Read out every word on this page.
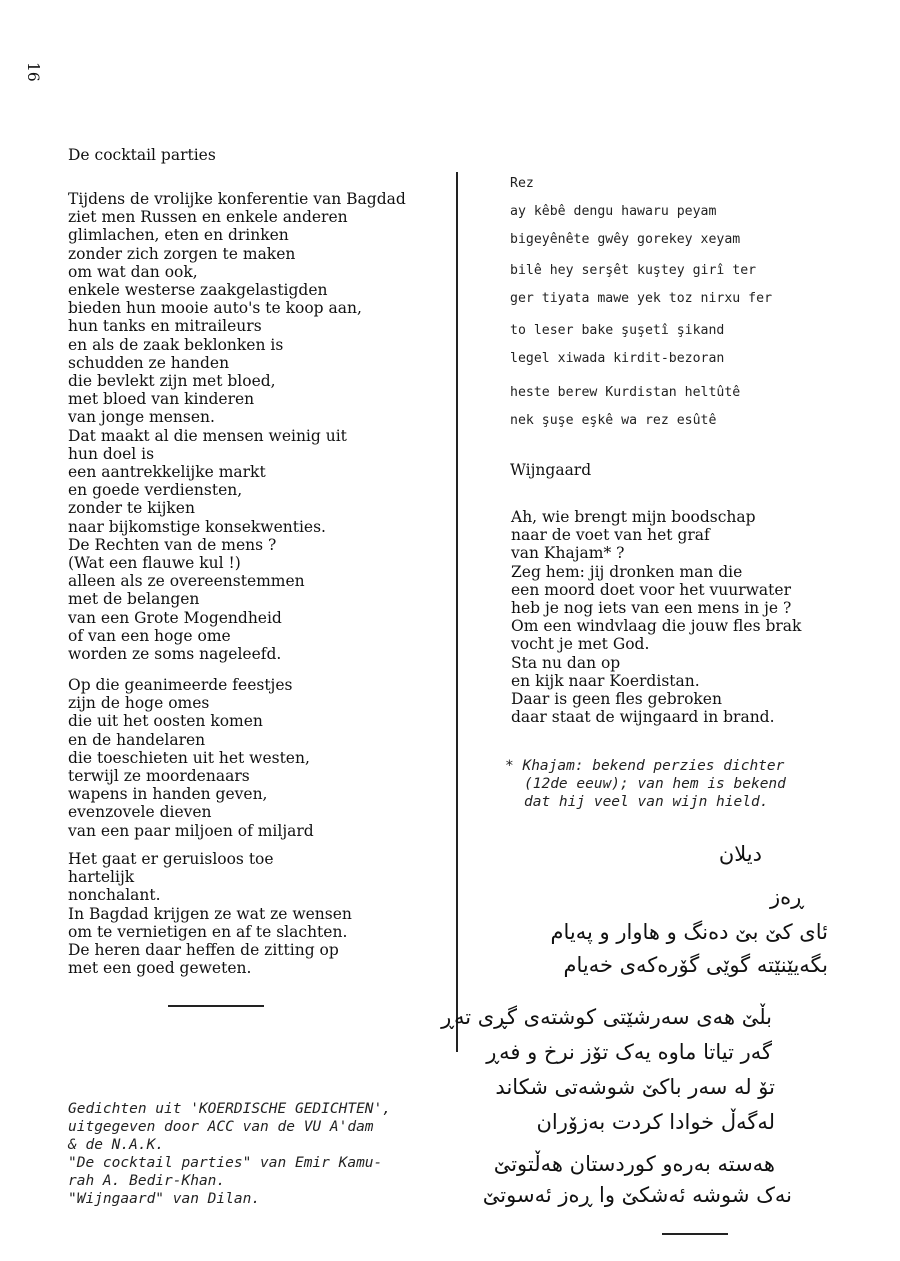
16
De cocktail parties
Tijdens de vrolijke konferentie van Bagdad
ziet men Russen en enkele anderen
glimlachen, eten en drinken
zonder zich zorgen te maken
om wat dan ook,
enkele westerse zaakgelastigden
bieden hun mooie auto's te koop aan,
hun tanks en mitraileurs
en als de zaak beklonken is
schudden ze handen
die bevlekt zijn met bloed,
met bloed van kinderen
van jonge mensen.
Dat maakt al die mensen weinig uit
hun doel is
een aantrekkelijke markt
en goede verdiensten,
zonder te kijken
naar bijkomstige konsekwenties.
De Rechten van de mens ?
(Wat een flauwe kul !)
alleen als ze overeenstemmen
met de belangen
van een Grote Mogendheid
of van een hoge ome
worden ze soms nageleefd.
Op die geanimeerde feestjes
zijn de hoge omes
die uit het oosten komen
en de handelaren
die toeschieten uit het westen,
terwijl ze moordenaars
wapens in handen geven,
evenzovele dieven
van een paar miljoen of miljard
Het gaat er geruisloos toe
hartelijk
nonchalant.
In Bagdad krijgen ze wat ze wensen
om te vernietigen en af te slachten.
De heren daar heffen de zitting op
met een goed geweten.
Rez
ay kêbê dengu hawaru peyam
bigeyênête gwêy gorekey xeyam
bilê hey serşêt kuştey girî ter
ger tiyata mawe yek toz nirxu fer
to leser bake şuşetî şikand
legel xiwada kirdit-bezoran
heste berew Kurdistan heltûtê
nek şuşe eşkê wa rez esûtê
Wijngaard
Ah, wie brengt mijn boodschap
naar de voet van het graf
van Khajam* ?
Zeg hem: jij dronken man die
een moord doet voor het vuurwater
heb je nog iets van een mens in je ?
Om een windvlaag die jouw fles brak
vocht je met God.
Sta nu dan op
en kijk naar Koerdistan.
Daar is geen fles gebroken
daar staat de wijngaard in brand.
* Khajam: bekend perzies dichter
(12de eeuw); van hem is bekend
dat hij veel van wijn hield.
دیلان
ڕەز
ئای کێ بێ دەنگ و هاوار و پەیام
بگەیێنێتە گوێی گۆرەکەی خەیام
بڵێ هەی سەرشێتی کوشتەی گڕی تەڕ
گەر تیاتا ماوە یەک تۆز نرخ و فەڕ
تۆ لە سەر باکێ شوشەتی شکاند
لەگەڵ خوادا کردت بەزۆران
هەستە بەرەو کوردستان هەڵتوتێ
نەک شوشە ئەشکێ وا ڕەز ئەسوتێ
Gedichten uit 'KOERDISCHE GEDICHTEN',
uitgegeven door ACC van de VU A'dam
& de N.A.K.
"De cocktail parties" van Emir Kamu-
rah A. Bedir-Khan.
"Wijngaard" van Dilan.
